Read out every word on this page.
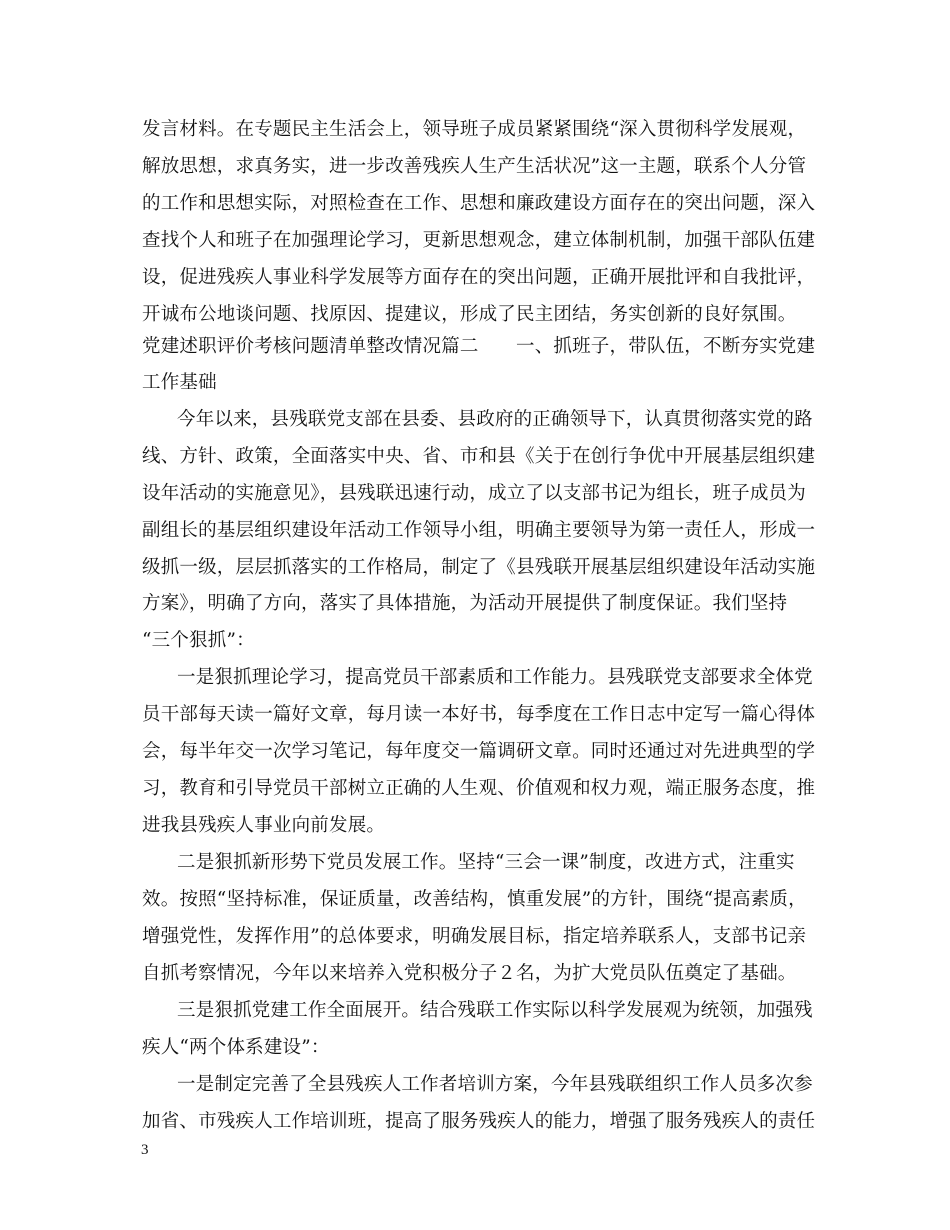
发言材料。在专题民主生活会上，领导班子成员紧紧围绕“深入贯彻科学发展观，
解放思想，求真务实，进一步改善残疾人生产生活状况”这一主题，联系个人分管
的工作和思想实际，对照检查在工作、思想和廉政建设方面存在的突出问题，深入
查找个人和班子在加强理论学习，更新思想观念，建立体制机制，加强干部队伍建
设，促进残疾人事业科学发展等方面存在的突出问题，正确开展批评和自我批评，
开诚布公地谈问题、找原因、提建议，形成了民主团结，务实创新的良好氛围。
党建述职评价考核问题清单整改情况篇二　　一、抓班子，带队伍，不断夯实党建
工作基础
今年以来，县残联党支部在县委、县政府的正确领导下，认真贯彻落实党的路
线、方针、政策，全面落实中央、省、市和县《关于在创行争优中开展基层组织建
设年活动的实施意见》，县残联迅速行动，成立了以支部书记为组长，班子成员为
副组长的基层组织建设年活动工作领导小组，明确主要领导为第一责任人，形成一
级抓一级，层层抓落实的工作格局，制定了《县残联开展基层组织建设年活动实施
方案》，明确了方向，落实了具体措施，为活动开展提供了制度保证。我们坚持
“三个狠抓”：
一是狠抓理论学习，提高党员干部素质和工作能力。县残联党支部要求全体党
员干部每天读一篇好文章，每月读一本好书，每季度在工作日志中定写一篇心得体
会，每半年交一次学习笔记，每年度交一篇调研文章。同时还通过对先进典型的学
习，教育和引导党员干部树立正确的人生观、价值观和权力观，端正服务态度，推
进我县残疾人事业向前发展。
二是狠抓新形势下党员发展工作。坚持“三会一课”制度，改进方式，注重实
效。按照“坚持标准，保证质量，改善结构，慎重发展”的方针，围绕“提高素质，
增强党性，发挥作用”的总体要求，明确发展目标，指定培养联系人，支部书记亲
自抓考察情况，今年以来培养入党积极分子２名，为扩大党员队伍奠定了基础。
三是狠抓党建工作全面展开。结合残联工作实际以科学发展观为统领，加强残
疾人“两个体系建设”：
一是制定完善了全县残疾人工作者培训方案，今年县残联组织工作人员多次参
加省、市残疾人工作培训班，提高了服务残疾人的能力，增强了服务残疾人的责任
3
